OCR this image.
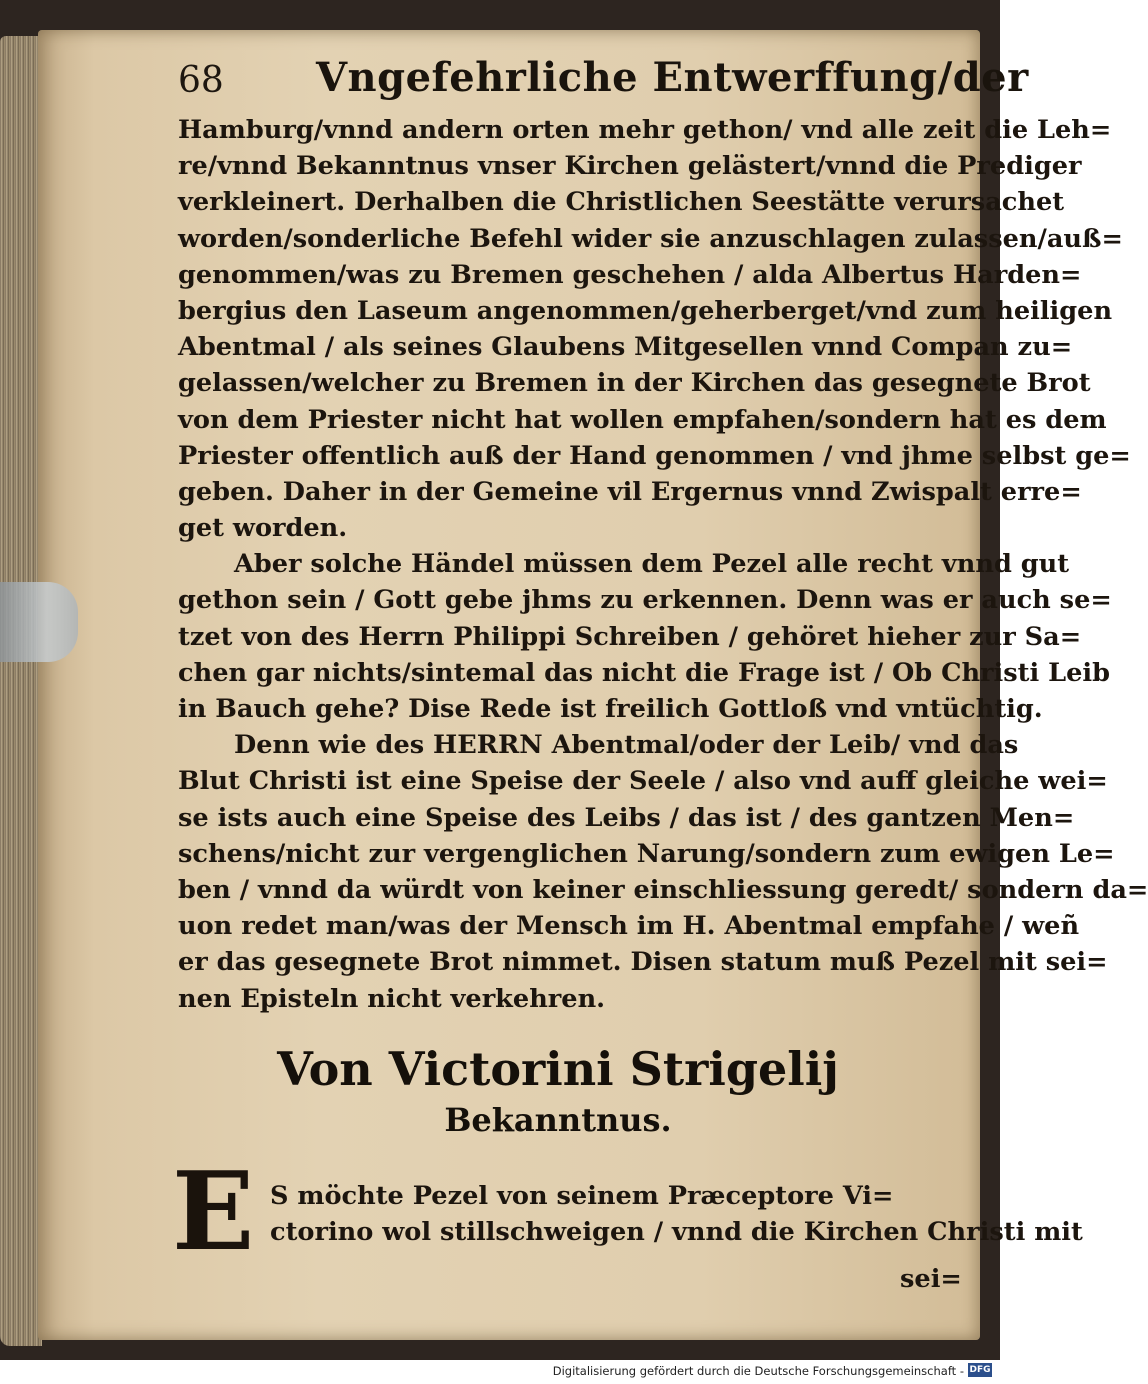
68 Vngefehrliche Entwerffung/der
Hamburg/vnnd andern orten mehr gethon/ vnd alle zeit die Leh=
re/vnnd Bekanntnus vnser Kirchen gelästert/vnnd die Prediger
verkleinert. Derhalben die Christlichen Seestätte verursachet
worden/sonderliche Befehl wider sie anzuschlagen zulassen/auß=
genommen/was zu Bremen geschehen / alda Albertus Harden=
bergius den Laseum angenommen/geherberget/vnd zum heiligen
Abentmal / als seines Glaubens Mitgesellen vnnd Compan zu=
gelassen/welcher zu Bremen in der Kirchen das gesegnete Brot
von dem Priester nicht hat wollen empfahen/sondern hat es dem
Priester offentlich auß der Hand genommen / vnd jhme selbst ge=
geben. Daher in der Gemeine vil Ergernus vnnd Zwispalt erre=
get worden.
Aber solche Händel müssen dem Pezel alle recht vnnd gut
gethon sein / Gott gebe jhms zu erkennen. Denn was er auch se=
tzet von des Herrn Philippi Schreiben / gehöret hieher zur Sa=
chen gar nichts/sintemal das nicht die Frage ist / Ob Christi Leib
in Bauch gehe? Dise Rede ist freilich Gottloß vnd vntüchtig.
Denn wie des HERRN Abentmal/oder der Leib/ vnd das
Blut Christi ist eine Speise der Seele / also vnd auff gleiche wei=
se ists auch eine Speise des Leibs / das ist / des gantzen Men=
schens/nicht zur vergenglichen Narung/sondern zum ewigen Le=
ben / vnnd da würdt von keiner einschliessung geredt/ sondern da=
uon redet man/was der Mensch im H. Abentmal empfahe / weñ
er das gesegnete Brot nimmet. Disen statum muß Pezel mit sei=
nen Episteln nicht verkehren.
Von Victorini Strigelij
Bekanntnus.
E S möchte Pezel von seinem Præceptore Vi=
ctorino wol stillschweigen / vnnd die Kirchen Christi mit
sei=
Digitalisierung gefördert durch die Deutsche Forschungsgemeinschaft - DFG
